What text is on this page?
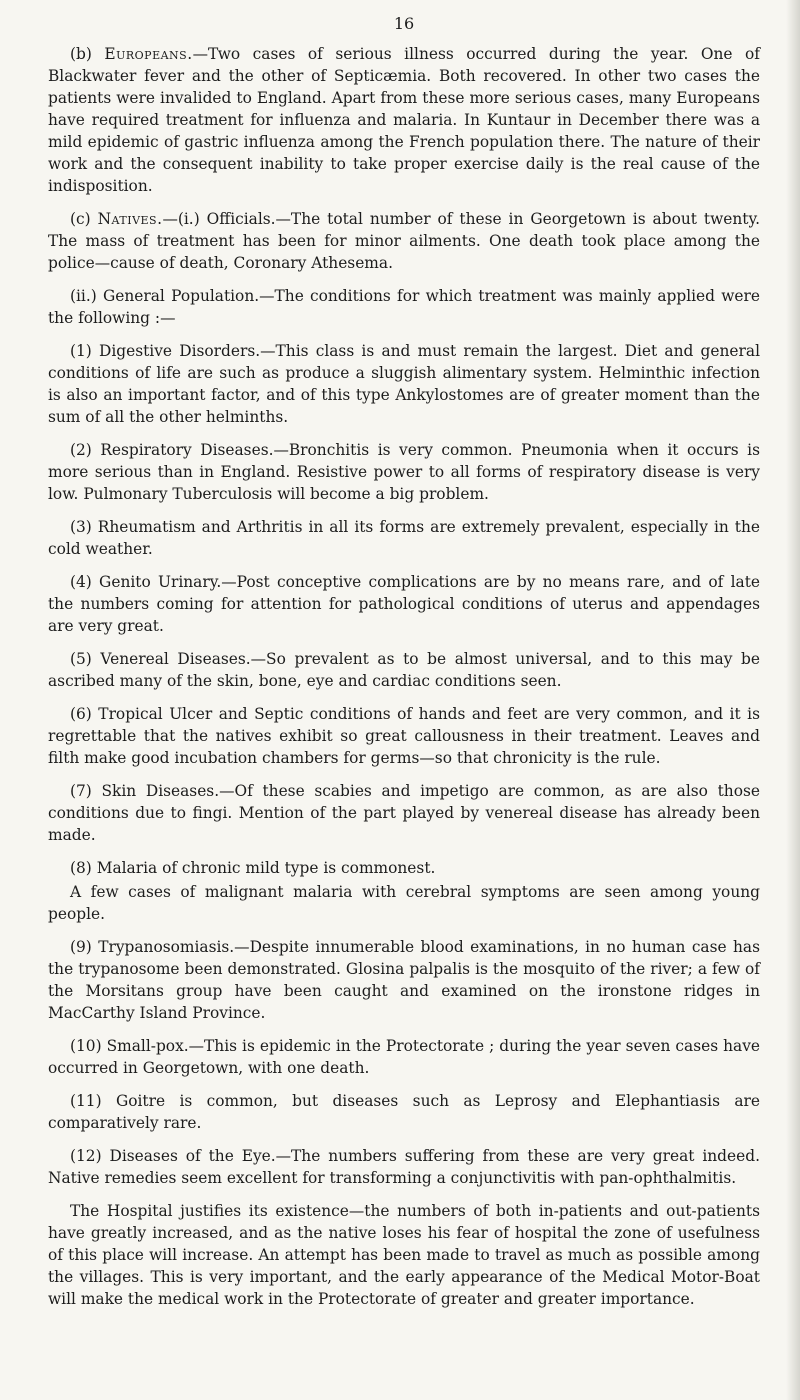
16

(b) Europeans.—Two cases of serious illness occurred during the year. One of Blackwater fever and the other of Septicæmia. Both recovered. In other two cases the patients were invalided to England. Apart from these more serious cases, many Europeans have required treatment for influenza and malaria. In Kuntaur in December there was a mild epidemic of gastric influenza among the French population there. The nature of their work and the consequent inability to take proper exercise daily is the real cause of the indisposition.

(c) Natives.—(i.) Officials.—The total number of these in Georgetown is about twenty. The mass of treatment has been for minor ailments. One death took place among the police—cause of death, Coronary Athesema.

(ii.) General Population.—The conditions for which treatment was mainly applied were the following :—

(1) Digestive Disorders.—This class is and must remain the largest. Diet and general conditions of life are such as produce a sluggish alimentary system. Helminthic infection is also an important factor, and of this type Ankylostomes are of greater moment than the sum of all the other helminths.

(2) Respiratory Diseases.—Bronchitis is very common. Pneumonia when it occurs is more serious than in England. Resistive power to all forms of respiratory disease is very low. Pulmonary Tuberculosis will become a big problem.

(3) Rheumatism and Arthritis in all its forms are extremely prevalent, especially in the cold weather.

(4) Genito Urinary.—Post conceptive complications are by no means rare, and of late the numbers coming for attention for pathological conditions of uterus and appendages are very great.

(5) Venereal Diseases.—So prevalent as to be almost universal, and to this may be ascribed many of the skin, bone, eye and cardiac conditions seen.

(6) Tropical Ulcer and Septic conditions of hands and feet are very common, and it is regrettable that the natives exhibit so great callousness in their treatment. Leaves and filth make good incubation chambers for germs—so that chronicity is the rule.

(7) Skin Diseases.—Of these scabies and impetigo are common, as are also those conditions due to fingi. Mention of the part played by venereal disease has already been made.

(8) Malaria of chronic mild type is commonest.

A few cases of malignant malaria with cerebral symptoms are seen among young people.

(9) Trypanosomiasis.—Despite innumerable blood examinations, in no human case has the trypanosome been demonstrated. Glosina palpalis is the mosquito of the river; a few of the Morsitans group have been caught and examined on the ironstone ridges in MacCarthy Island Province.

(10) Small-pox.—This is epidemic in the Protectorate ; during the year seven cases have occurred in Georgetown, with one death.

(11) Goitre is common, but diseases such as Leprosy and Elephantiasis are comparatively rare.

(12) Diseases of the Eye.—The numbers suffering from these are very great indeed. Native remedies seem excellent for transforming a conjunctivitis with pan-ophthalmitis.

The Hospital justifies its existence—the numbers of both in-patients and out-patients have greatly increased, and as the native loses his fear of hospital the zone of usefulness of this place will increase. An attempt has been made to travel as much as possible among the villages. This is very important, and the early appearance of the Medical Motor-Boat will make the medical work in the Protectorate of greater and greater importance.
